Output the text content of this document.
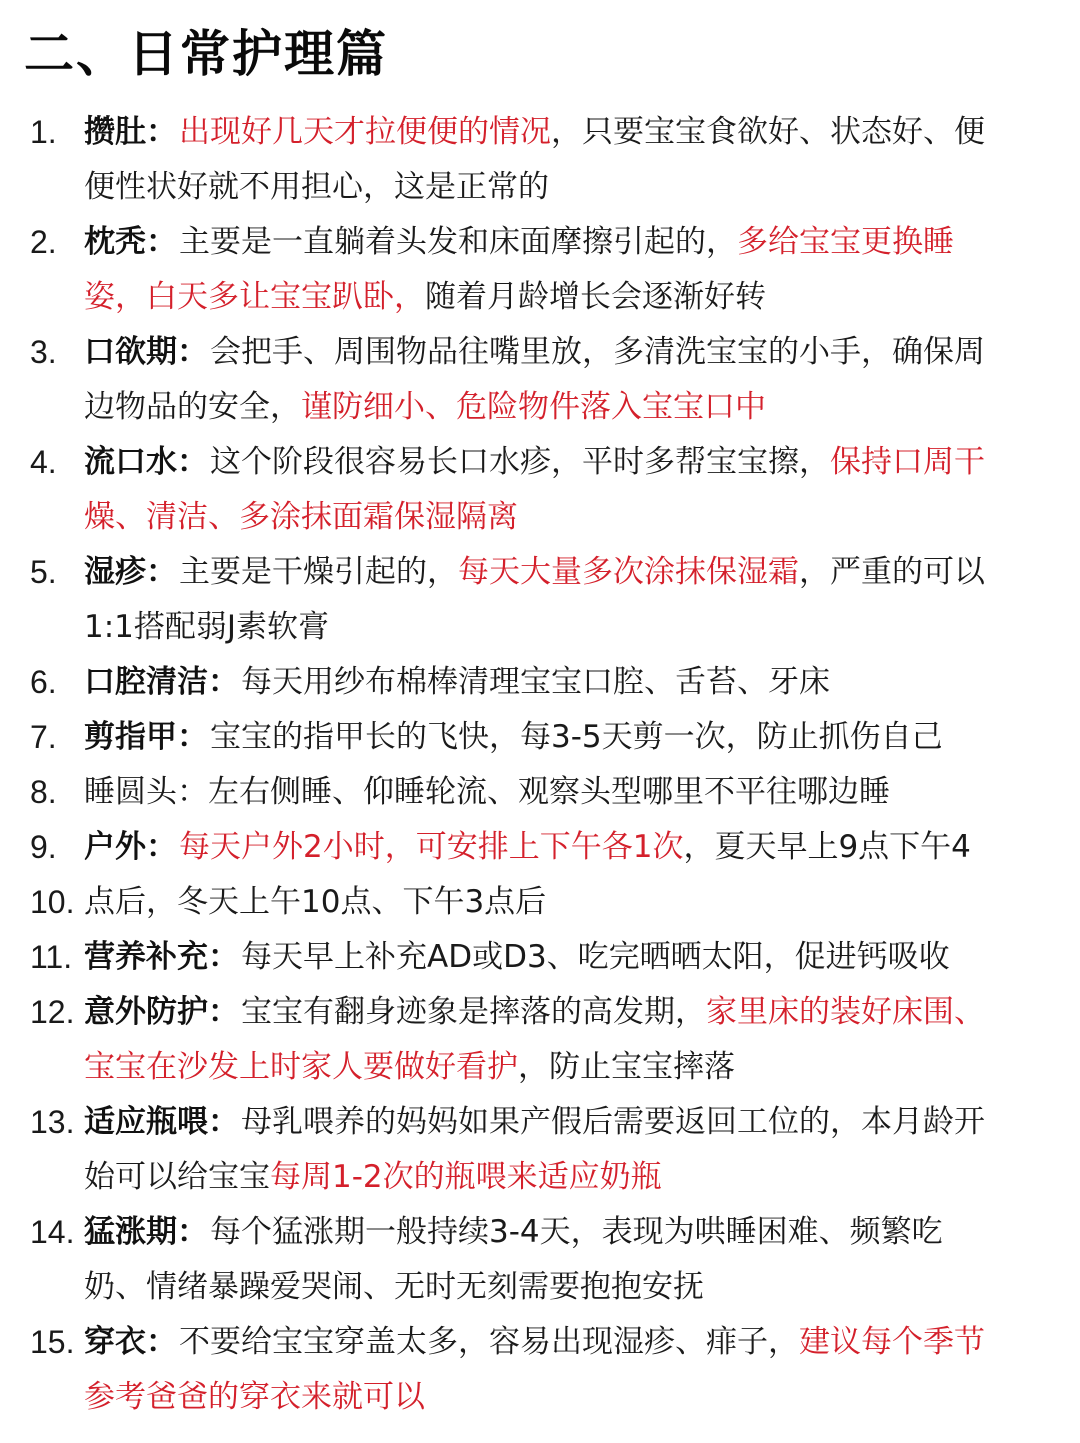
二、日常护理篇
1. 攒肚：出现好几天才拉便便的情况，只要宝宝食欲好、状态好、便
便性状好就不用担心，这是正常的
2. 枕秃：主要是一直躺着头发和床面摩擦引起的，多给宝宝更换睡
姿，白天多让宝宝趴卧，随着月龄增长会逐渐好转
3. 口欲期：会把手、周围物品往嘴里放，多清洗宝宝的小手，确保周
边物品的安全，谨防细小、危险物件落入宝宝口中
4. 流口水：这个阶段很容易长口水疹，平时多帮宝宝擦，保持口周干
燥、清洁、多涂抹面霜保湿隔离
5. 湿疹：主要是干燥引起的，每天大量多次涂抹保湿霜，严重的可以
1:1搭配弱J素软膏
6. 口腔清洁：每天用纱布棉棒清理宝宝口腔、舌苔、牙床
7. 剪指甲：宝宝的指甲长的飞快，每3-5天剪一次，防止抓伤自己
8. 睡圆头：左右侧睡、仰睡轮流、观察头型哪里不平往哪边睡
9. 户外：每天户外2小时，可安排上下午各1次，夏天早上9点下午4
10. 点后，冬天上午10点、下午3点后
11. 营养补充：每天早上补充AD或D3、吃完晒晒太阳，促进钙吸收
12. 意外防护：宝宝有翻身迹象是摔落的高发期，家里床的装好床围、
宝宝在沙发上时家人要做好看护，防止宝宝摔落
13. 适应瓶喂：母乳喂养的妈妈如果产假后需要返回工位的，本月龄开
始可以给宝宝每周1-2次的瓶喂来适应奶瓶
14. 猛涨期：每个猛涨期一般持续3-4天，表现为哄睡困难、频繁吃
奶、情绪暴躁爱哭闹、无时无刻需要抱抱安抚
15. 穿衣：不要给宝宝穿盖太多，容易出现湿疹、痱子，建议每个季节
参考爸爸的穿衣来就可以
